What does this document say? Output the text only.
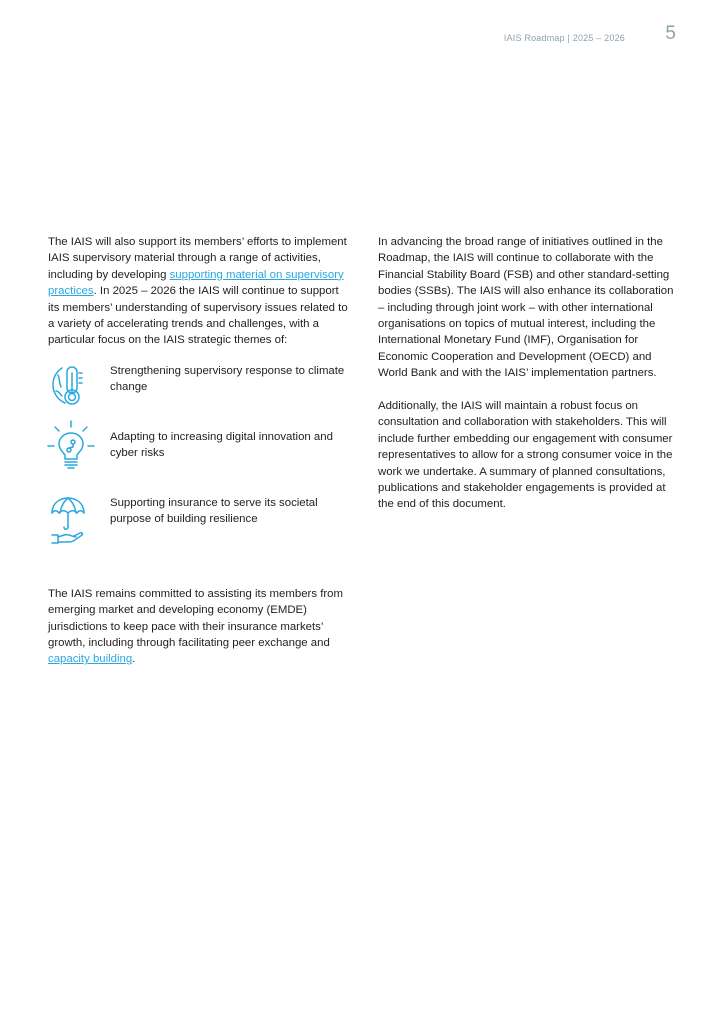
IAIS Roadmap | 2025 – 2026	5

The IAIS will also support its members’ efforts to implement IAIS supervisory material through a range of activities, including by developing supporting material on supervisory practices. In 2025 – 2026 the IAIS will continue to support its members’ understanding of supervisory issues related to a variety of accelerating trends and challenges, with a particular focus on the IAIS strategic themes of:

Strengthening supervisory response to climate change

Adapting to increasing digital innovation and cyber risks

Supporting insurance to serve its societal purpose of building resilience

The IAIS remains committed to assisting its members from emerging market and developing economy (EMDE) jurisdictions to keep pace with their insurance markets’ growth, including through facilitating peer exchange and capacity building.

In advancing the broad range of initiatives outlined in the Roadmap, the IAIS will continue to collaborate with the Financial Stability Board (FSB) and other standard-setting bodies (SSBs). The IAIS will also enhance its collaboration – including through joint work – with other international organisations on topics of mutual interest, including the International Monetary Fund (IMF), Organisation for Economic Cooperation and Development (OECD) and World Bank and with the IAIS’ implementation partners.

Additionally, the IAIS will maintain a robust focus on consultation and collaboration with stakeholders. This will include further embedding our engagement with consumer representatives to allow for a strong consumer voice in the work we undertake. A summary of planned consultations, publications and stakeholder engagements is provided at the end of this document.
